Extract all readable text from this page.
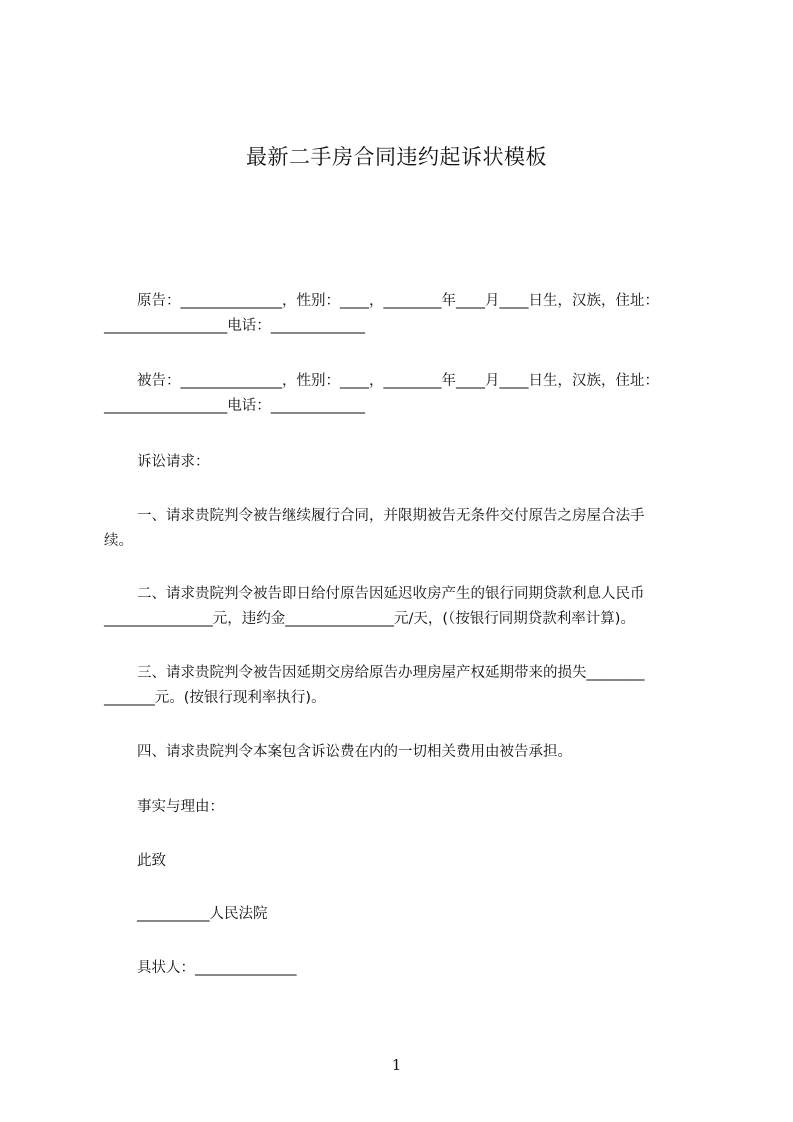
最新二手房合同违约起诉状模板
原告：______________，性别：____，________年____月____日生，汉族，住址：
_________________电话：_____________
被告：______________，性别：____，________年____月____日生，汉族，住址：
_________________电话：_____________
诉讼请求：
一、请求贵院判令被告继续履行合同，并限期被告无条件交付原告之房屋合法手
续。
二、请求贵院判令被告即日给付原告因延迟收房产生的银行同期贷款利息人民币
_______________元，违约金_______________元/天，(（按银行同期贷款利率计算)。
三、请求贵院判令被告因延期交房给原告办理房屋产权延期带来的损失________
_______元。(按银行现利率执行)。
四、请求贵院判令本案包含诉讼费在内的一切相关费用由被告承担。
事实与理由：
此致
__________人民法院
具状人：______________
1
